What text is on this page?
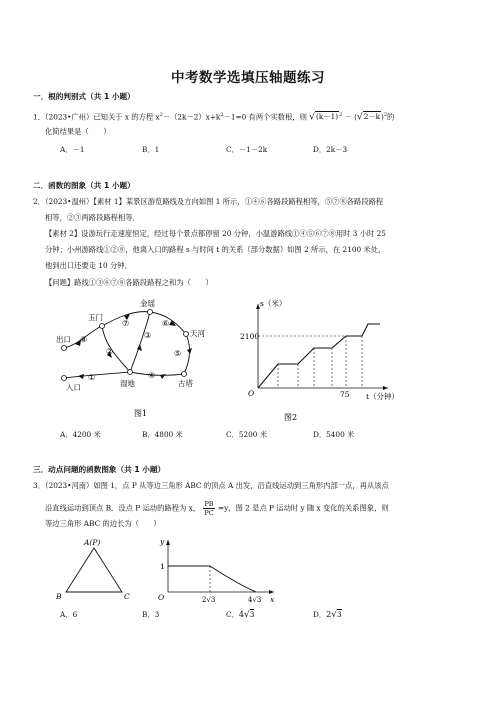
中考数学选填压轴题练习
一．根的判别式（共 1 小题）
1．（2023•广州）已知关于 x 的方程 $x^2-(2k-2)x+k^2-1=0$ 有两个实数根，则 $√(k-1)^2 - (√2-k)^2$的
化简结果是（　　）
A．－1	B．1	C．－1－2k	D．2k－3
二．函数的图象（共 1 小题）
2．（2023•温州）【素材 1】某景区游览路线及方向如图 1 所示，①④⑥各路段路程相等，⑤⑦⑧各路段路程
相等，②③两路段路程相等．
【素材 2】设游玩行走速度恒定，经过每个景点都停留 20 分钟，小温游路线①④⑤⑥⑦⑧用时 3 小时 25
分钟；小州游路线①②⑧，他离入口的路程 s 与时间 t 的关系（部分数据）如图 2 所示，在 2100 米处，
他到出口还要走 10 分钟．
【问题】路线①③⑥⑦⑧各路段路程之和为（　　）
出口
玉门
金瑶
天河
入口	湿地	古塔
①
②
③
④
⑤
⑥
⑦
⑧
图1
s（米）
t（分钟）
O
2100
75
图2
A．4200 米	B．4800 米	C．5200 米	D．5400 米
三．动点问题的函数图象（共 1 小题）
3．（2023•河南）如图 1，点 P 从等边三角形 ABC 的顶点 A 出发，沿直线运动到三角形内部一点，再从该点
沿直线运动到顶点 B．设点 P 运动的路程为 x， $\frac{PB}{PC} =y$，图 2 是点 P 运动时 y 随 x 变化的关系图象，则
等边三角形 ABC 的边长为（　　）
A(P)
B	C
y
x
O
1
2√3	4√3
A．6	B．3	C．4√3	D．2√3
